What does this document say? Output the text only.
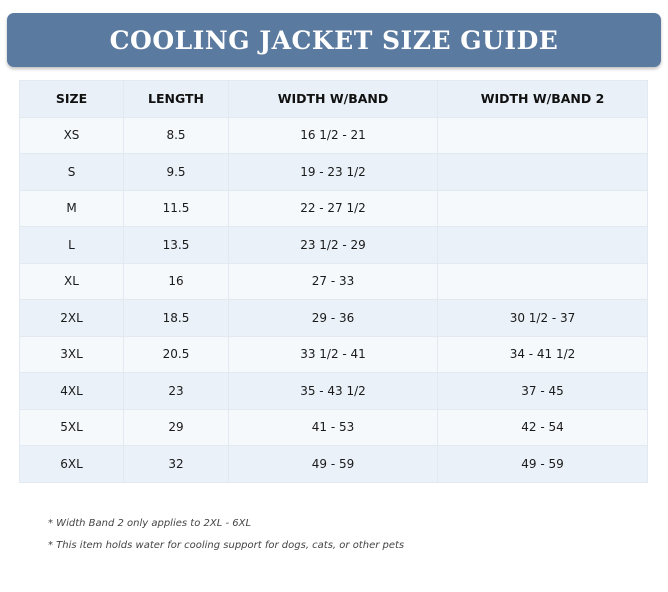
COOLING JACKET SIZE GUIDE
SIZE	LENGTH	WIDTH W/BAND	WIDTH W/BAND 2
XS	8.5	16 1/2 - 21	
S	9.5	19 - 23 1/2	
M	11.5	22 - 27 1/2	
L	13.5	23 1/2 - 29	
XL	16	27 - 33	
2XL	18.5	29 - 36	30 1/2 - 37
3XL	20.5	33 1/2 - 41	34 - 41 1/2
4XL	23	35 - 43 1/2	37 - 45
5XL	29	41 - 53	42 - 54
6XL	32	49 - 59	49 - 59

* Width Band 2 only applies to 2XL - 6XL

* This item holds water for cooling support for dogs, cats, or other pets
